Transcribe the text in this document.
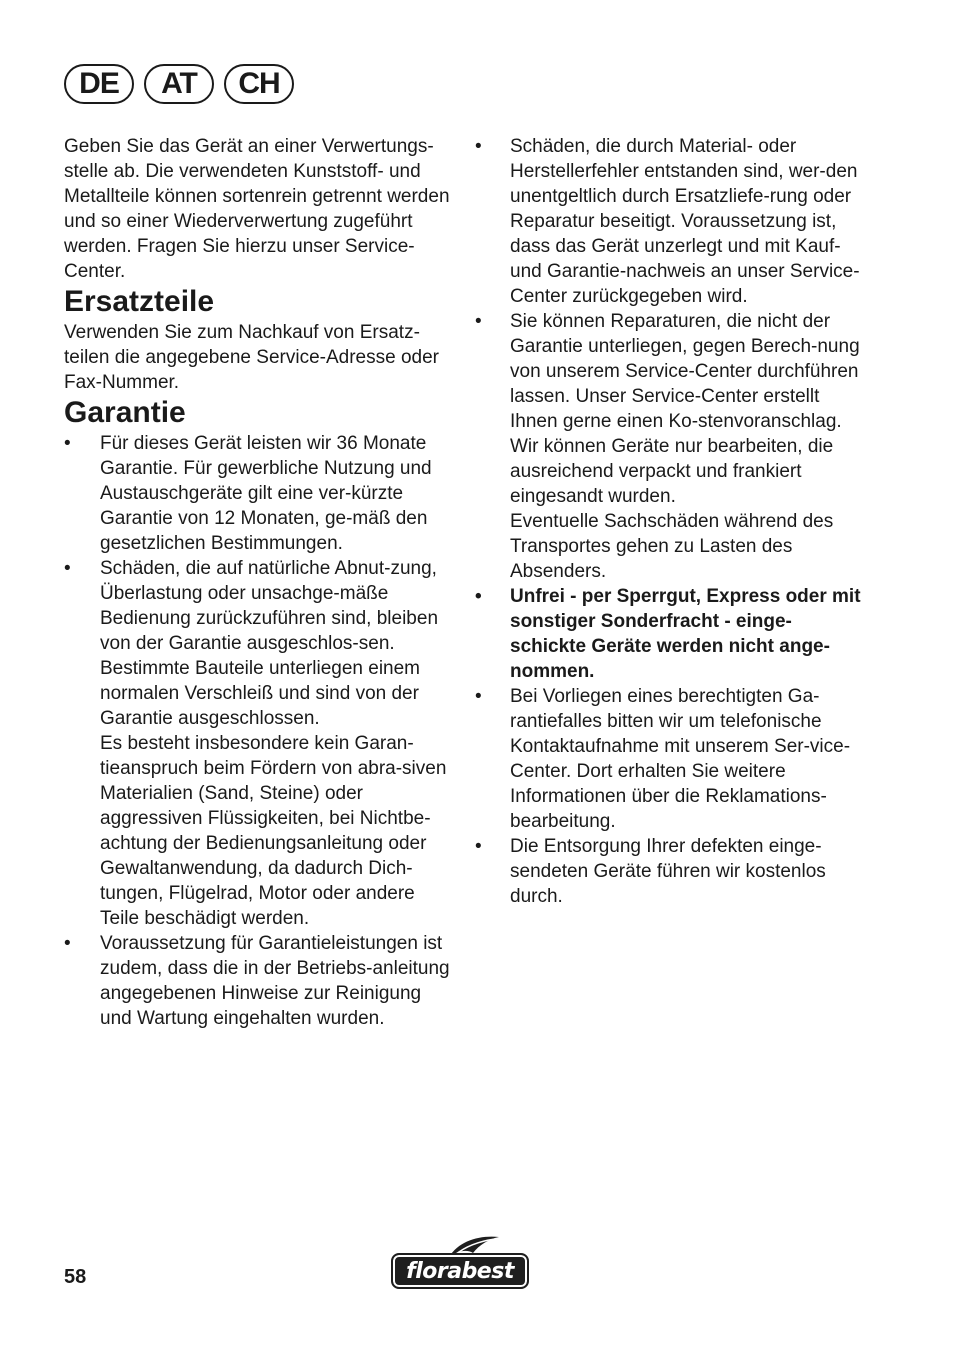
DE	AT	CH

Geben Sie das Gerät an einer Verwertungs-stelle ab. Die verwendeten Kunststoff- und Metallteile können sortenrein getrennt werden und so einer Wiederverwertung zugeführt werden. Fragen Sie hierzu unser Service-Center.

Ersatzteile

Verwenden Sie zum Nachkauf von Ersatz-teilen die angegebene Service-Adresse oder Fax-Nummer.

Garantie
• Für dieses Gerät leisten wir 36 Monate Garantie. Für gewerbliche Nutzung und Austauschgeräte gilt eine ver-kürzte Garantie von 12 Monaten, ge-mäß den gesetzlichen Bestimmungen.
• Schäden, die auf natürliche Abnut-zung, Überlastung oder unsachge-mäße Bedienung zurückzuführen sind, bleiben von der Garantie ausgeschlos-sen. Bestimmte Bauteile unterliegen einem normalen Verschleiß und sind von der Garantie ausgeschlossen.
Es besteht insbesondere kein Garan-tieanspruch beim Fördern von abra-siven Materialien (Sand, Steine) oder aggressiven Flüssigkeiten, bei Nichtbe-achtung der Bedienungsanleitung oder Gewaltanwendung, da dadurch Dich-tungen, Flügelrad, Motor oder andere Teile beschädigt werden.
• Voraussetzung für Garantieleistungen ist zudem, dass die in der Betriebs-anleitung angegebenen Hinweise zur Reinigung und Wartung eingehalten wurden.
• Schäden, die durch Material- oder Herstellerfehler entstanden sind, wer-den unentgeltlich durch Ersatzliefe-rung oder Reparatur beseitigt. Voraussetzung ist, dass das Gerät unzerlegt und mit Kauf- und Garantie-nachweis an unser Service-Center zurückgegeben wird.
• Sie können Reparaturen, die nicht der Garantie unterliegen, gegen Berech-nung von unserem Service-Center durchführen lassen. Unser Service-Center erstellt Ihnen gerne einen Ko-stenvoranschlag.
Wir können Geräte nur bearbeiten, die ausreichend verpackt und frankiert eingesandt wurden.
Eventuelle Sachschäden während des Transportes gehen zu Lasten des Absenders.
• Unfrei - per Sperrgut, Express oder mit sonstiger Sonderfracht - einge-schickte Geräte werden nicht ange-nommen.
• Bei Vorliegen eines berechtigten Ga-rantiefalles bitten wir um telefonische Kontaktaufnahme mit unserem Ser-vice-Center. Dort erhalten Sie weitere Informationen über die Reklamations-bearbeitung.
• Die Entsorgung Ihrer defekten einge-sendeten Geräte führen wir kostenlos durch.
58	florabest
